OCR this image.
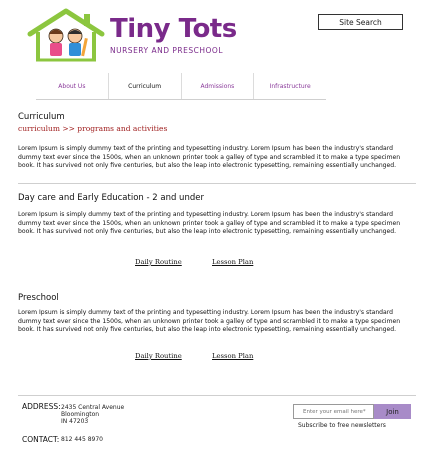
Tiny Tots
NURSERY AND PRESCHOOL
Site Search
About Us	Curriculum	Admissions	Infrastructure
Curriculum
curriculum >> programs and activities
Lorem Ipsum is simply dummy text of the printing and typesetting industry. Lorem Ipsum has been the industry's standard dummy text ever since the 1500s, when an unknown printer took a galley of type and scrambled it to make a type specimen book. It has survived not only five centuries, but also the leap into electronic typesetting, remaining essentially unchanged.
Day care and Early Education - 2 and under
Lorem Ipsum is simply dummy text of the printing and typesetting industry. Lorem Ipsum has been the industry's standard dummy text ever since the 1500s, when an unknown printer took a galley of type and scrambled it to make a type specimen book. It has survived not only five centuries, but also the leap into electronic typesetting, remaining essentially unchanged.
Daily Routine	Lesson Plan
Preschool
Lorem Ipsum is simply dummy text of the printing and typesetting industry. Lorem Ipsum has been the industry's standard dummy text ever since the 1500s, when an unknown printer took a galley of type and scrambled it to make a type specimen book. It has survived not only five centuries, but also the leap into electronic typesetting, remaining essentially unchanged.
Daily Routine	Lesson Plan
ADDRESS: 2435 Central Avenue
Bloomington
IN 47203
CONTACT: 812 445 8970
Enter your email here*
Join
Subscribe to free newsletters
